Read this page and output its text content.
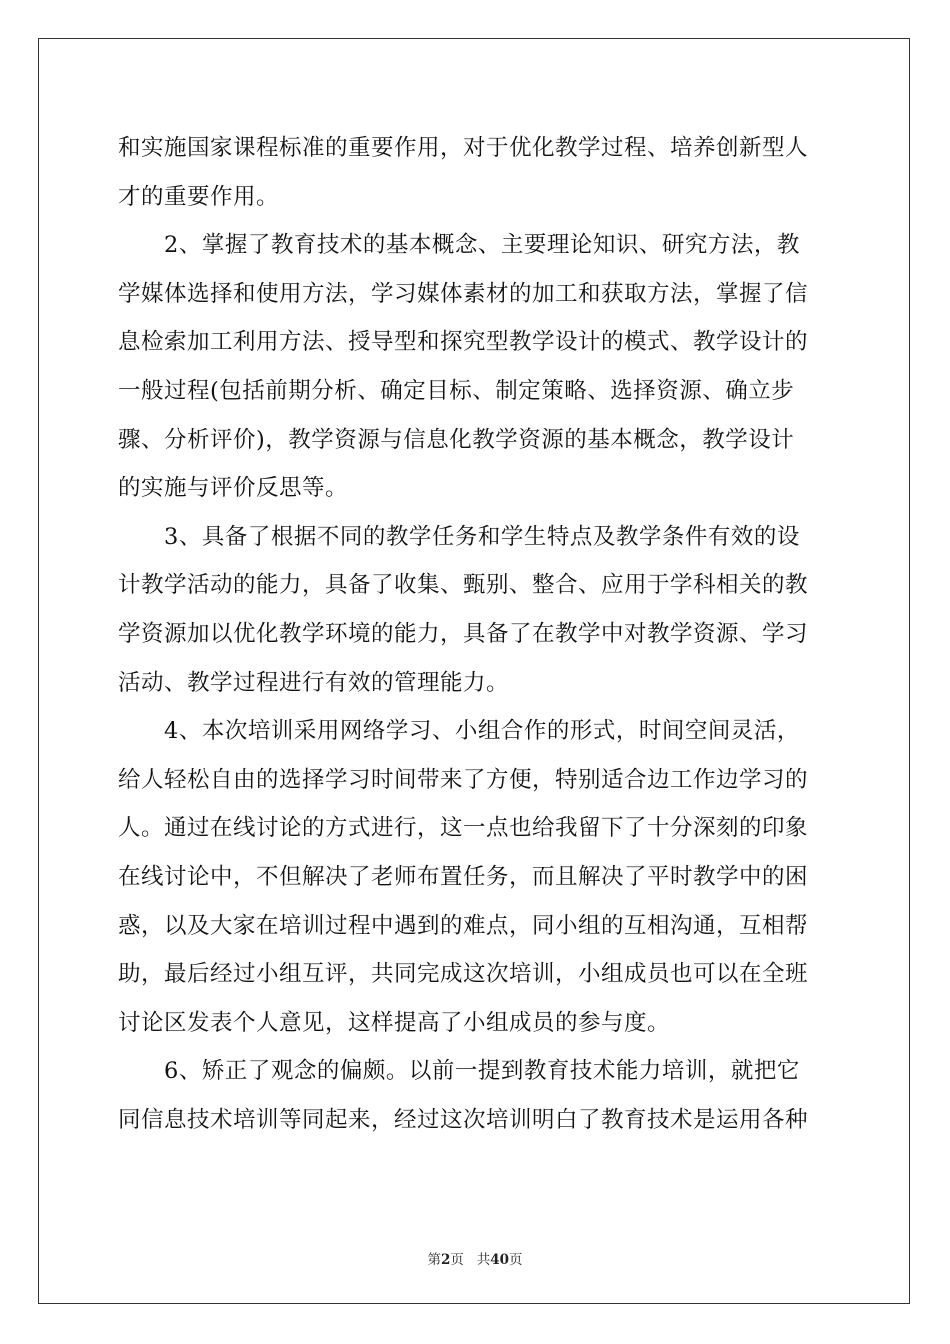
和实施国家课程标准的重要作用，对于优化教学过程、培养创新型人
才的重要作用。
2、掌握了教育技术的基本概念、主要理论知识、研究方法，教
学媒体选择和使用方法，学习媒体素材的加工和获取方法，掌握了信
息检索加工利用方法、授导型和探究型教学设计的模式、教学设计的
一般过程(包括前期分析、确定目标、制定策略、选择资源、确立步
骤、分析评价)，教学资源与信息化教学资源的基本概念，教学设计
的实施与评价反思等。
3、具备了根据不同的教学任务和学生特点及教学条件有效的设
计教学活动的能力，具备了收集、甄别、整合、应用于学科相关的教
学资源加以优化教学环境的能力，具备了在教学中对教学资源、学习
活动、教学过程进行有效的管理能力。
4、本次培训采用网络学习、小组合作的形式，时间空间灵活，
给人轻松自由的选择学习时间带来了方便，特别适合边工作边学习的
人。通过在线讨论的方式进行，这一点也给我留下了十分深刻的印象
在线讨论中，不但解决了老师布置任务，而且解决了平时教学中的困
惑，以及大家在培训过程中遇到的难点，同小组的互相沟通，互相帮
助，最后经过小组互评，共同完成这次培训，小组成员也可以在全班
讨论区发表个人意见，这样提高了小组成员的参与度。
6、矫正了观念的偏颇。以前一提到教育技术能力培训，就把它
同信息技术培训等同起来，经过这次培训明白了教育技术是运用各种
第2页 共40页
